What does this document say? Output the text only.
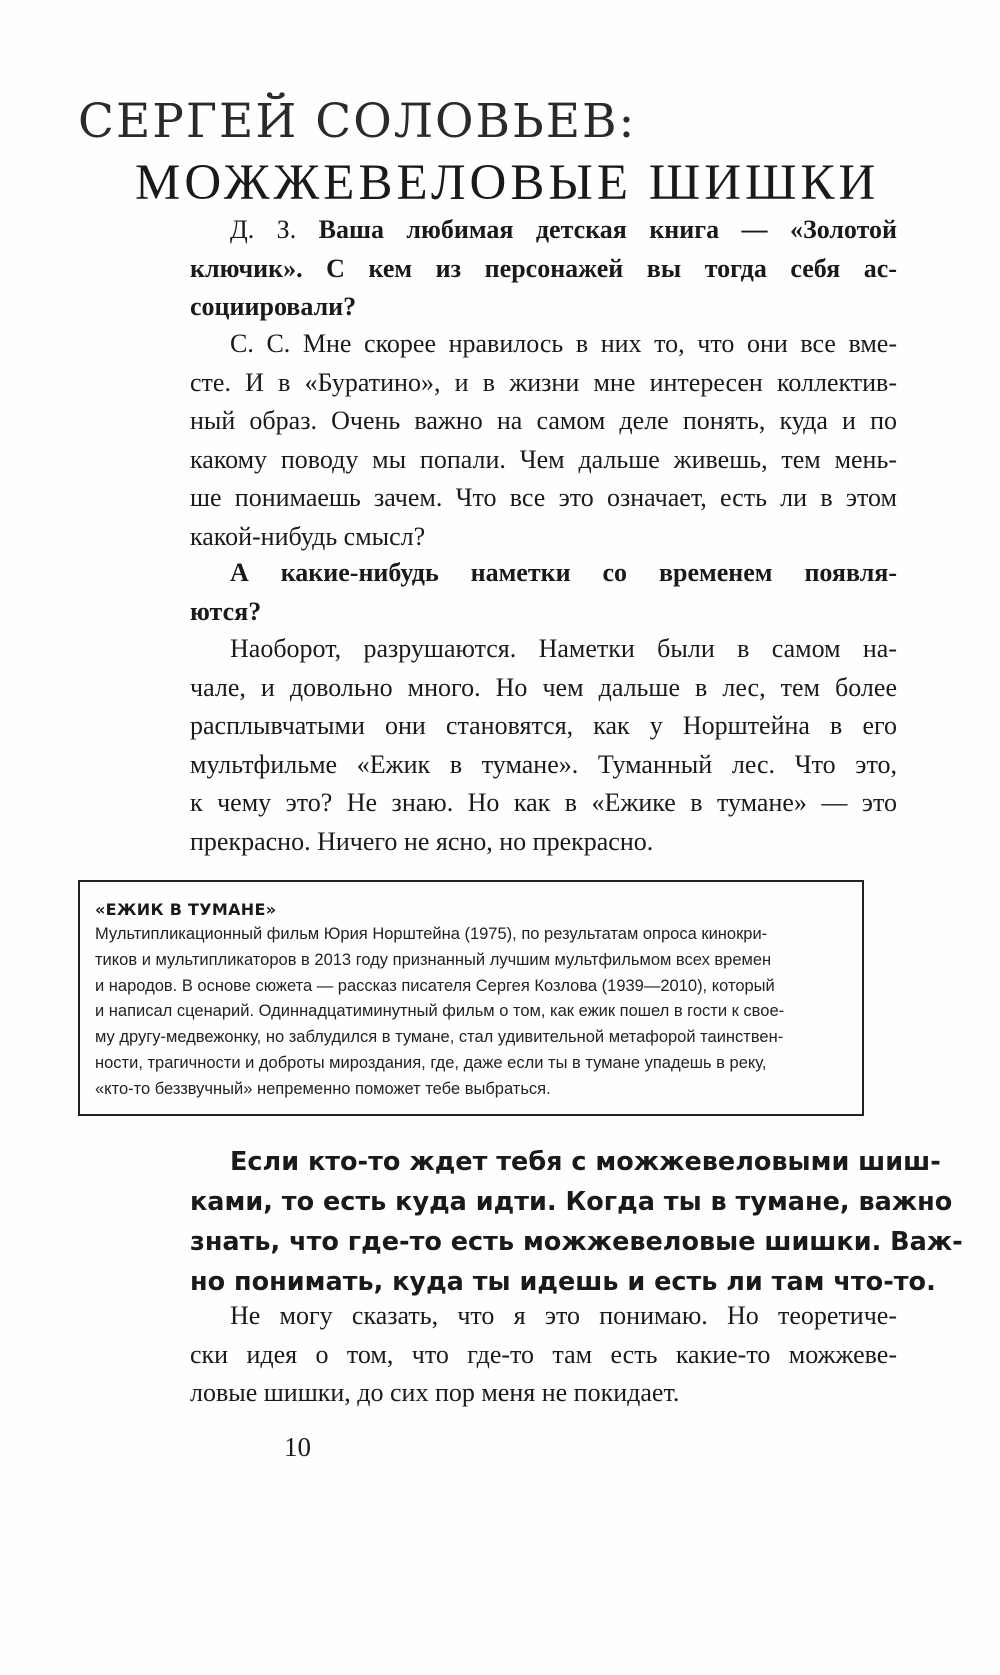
СЕРГЕЙ СОЛОВЬЕВ:
МОЖЖЕВЕЛОВЫЕ ШИШКИ
Д. З. Ваша любимая детская книга — «Золотой
ключик». С кем из персонажей вы тогда себя ас-
социировали?
С. С. Мне скорее нравилось в них то, что они все вме-
сте. И в «Буратино», и в жизни мне интересен коллектив-
ный образ. Очень важно на самом деле понять, куда и по
какому поводу мы попали. Чем дальше живешь, тем мень-
ше понимаешь зачем. Что все это означает, есть ли в этом
какой-нибудь смысл?
А какие-нибудь наметки со временем появля-
ются?
Наоборот, разрушаются. Наметки были в самом на-
чале, и довольно много. Но чем дальше в лес, тем более
расплывчатыми они становятся, как у Норштейна в его
мультфильме «Ежик в тумане». Туманный лес. Что это,
к чему это? Не знаю. Но как в «Ежике в тумане» — это
прекрасно. Ничего не ясно, но прекрасно.
«ЕЖИК В ТУМАНЕ»
Мультипликационный фильм Юрия Норштейна (1975), по результатам опроса кинокри-
тиков и мультипликаторов в 2013 году признанный лучшим мультфильмом всех времен
и народов. В основе сюжета — рассказ писателя Сергея Козлова (1939—2010), который
и написал сценарий. Одиннадцатиминутный фильм о том, как ежик пошел в гости к свое-
му другу-медвежонку, но заблудился в тумане, стал удивительной метафорой таинствен-
ности, трагичности и доброты мироздания, где, даже если ты в тумане упадешь в реку,
«кто-то беззвучный» непременно поможет тебе выбраться.
Если кто-то ждет тебя с можжевеловыми шиш-
ками, то есть куда идти. Когда ты в тумане, важно
знать, что где-то есть можжевеловые шишки. Важ-
но понимать, куда ты идешь и есть ли там что-то.
Не могу сказать, что я это понимаю. Но теоретиче-
ски идея о том, что где-то там есть какие-то можжеве-
ловые шишки, до сих пор меня не покидает.
10
